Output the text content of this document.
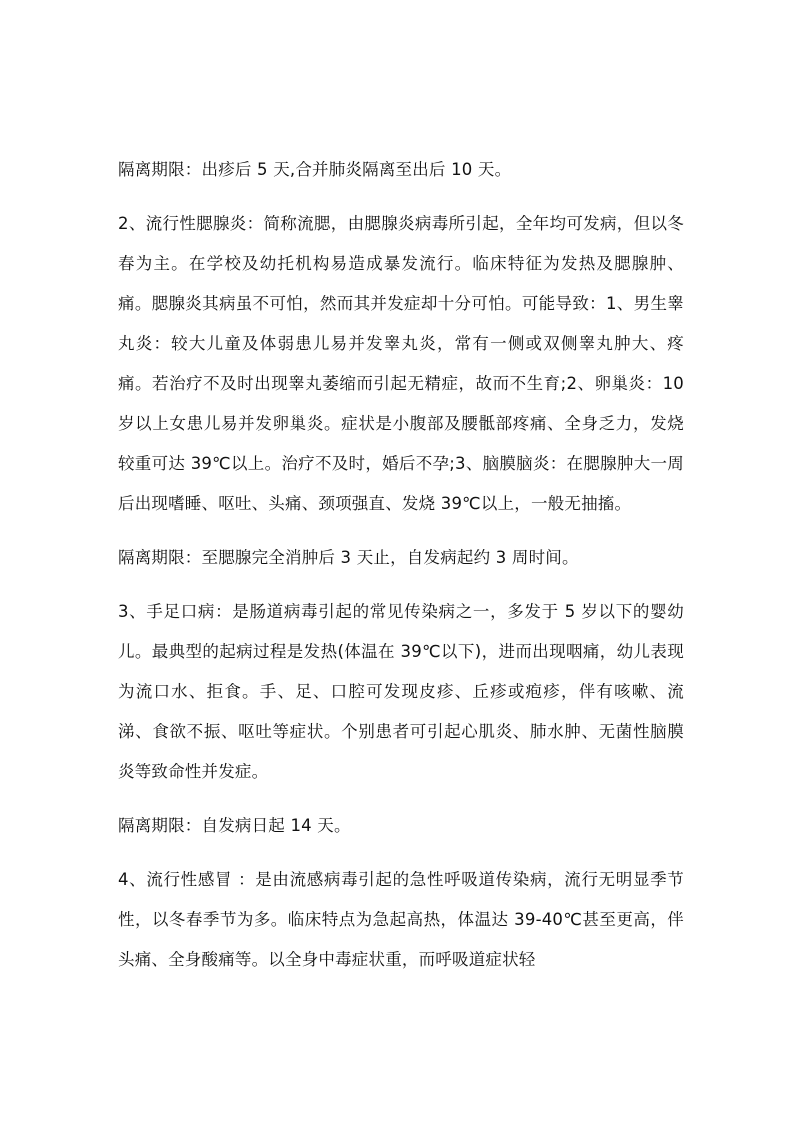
隔离期限：出疹后 5 天,合并肺炎隔离至出后 10 天。

2、流行性腮腺炎：简称流腮，由腮腺炎病毒所引起，全年均可发病，但以冬春为主。在学校及幼托机构易造成暴发流行。临床特征为发热及腮腺肿、痛。腮腺炎其病虽不可怕，然而其并发症却十分可怕。可能导致：1、男生睾丸炎：较大儿童及体弱患儿易并发睾丸炎，常有一侧或双侧睾丸肿大、疼痛。若治疗不及时出现睾丸萎缩而引起无精症，故而不生育;2、卵巢炎：10 岁以上女患儿易并发卵巢炎。症状是小腹部及腰骶部疼痛、全身乏力，发烧较重可达 39℃以上。治疗不及时，婚后不孕;3、脑膜脑炎：在腮腺肿大一周后出现嗜睡、呕吐、头痛、颈项强直、发烧 39℃以上，一般无抽搐。

隔离期限：至腮腺完全消肿后 3 天止，自发病起约 3 周时间。

3、手足口病：是肠道病毒引起的常见传染病之一，多发于 5 岁以下的婴幼儿。最典型的起病过程是发热(体温在 39℃以下)，进而出现咽痛，幼儿表现为流口水、拒食。手、足、口腔可发现皮疹、丘疹或疱疹，伴有咳嗽、流涕、食欲不振、呕吐等症状。个别患者可引起心肌炎、肺水肿、无菌性脑膜炎等致命性并发症。

隔离期限：自发病日起 14 天。

4、流行性感冒 ：是由流感病毒引起的急性呼吸道传染病，流行无明显季节性，以冬春季节为多。临床特点为急起高热，体温达 39-40℃甚至更高，伴头痛、全身酸痛等。以全身中毒症状重，而呼吸道症状轻
